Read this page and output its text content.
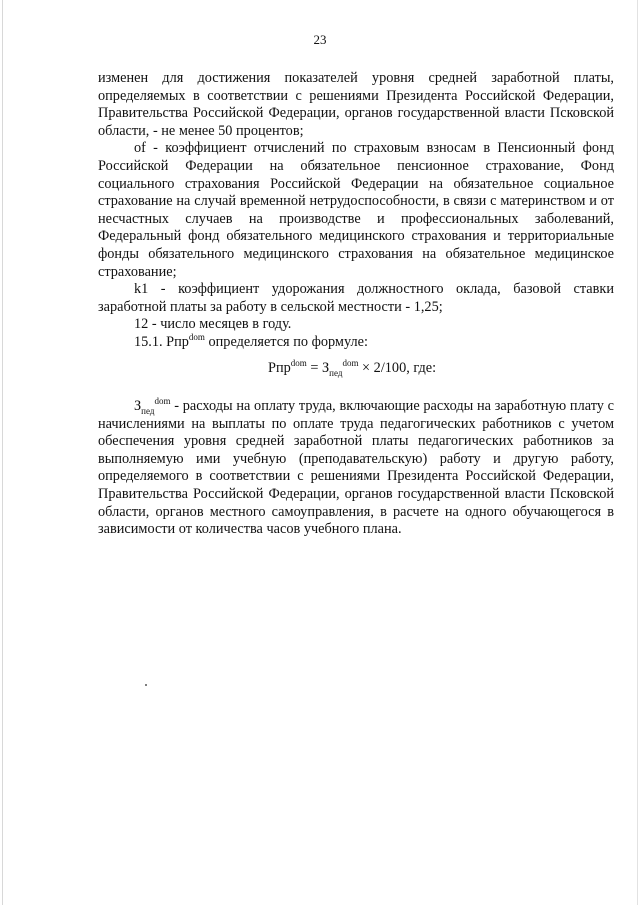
23

изменен для достижения показателей уровня средней заработной платы, определяемых в соответствии с решениями Президента Российской Федерации, Правительства Российской Федерации, органов государственной власти Псковской области, - не менее 50 процентов;

оf - коэффициент отчислений по страховым взносам в Пенсионный фонд Российской Федерации на обязательное пенсионное страхование, Фонд социального страхования Российской Федерации на обязательное социальное страхование на случай временной нетрудоспособности, в связи с материнством и от несчастных случаев на производстве и профессиональных заболеваний, Федеральный фонд обязательного медицинского страхования и территориальные фонды обязательного медицинского страхования на обязательное медицинское страхование;

k1 - коэффициент удорожания должностного оклада, базовой ставки заработной платы за работу в сельской местности - 1,25;

12 - число месяцев в году.

15.1. Рпр$^{dom}$ определяется по формуле:

$Рпр^{dom} = З_{пед}^{dom} \times 2/100$, где:

$З_{пед}^{dom}$ - расходы на оплату труда, включающие расходы на заработную плату с начислениями на выплаты по оплате труда педагогических работников с учетом обеспечения уровня средней заработной платы педагогических работников за выполняемую ими учебную (преподавательскую) работу и другую работу, определяемого в соответствии с решениями Президента Российской Федерации, Правительства Российской Федерации, органов государственной власти Псковской области, органов местного самоуправления, в расчете на одного обучающегося в зависимости от количества часов учебного плана.
